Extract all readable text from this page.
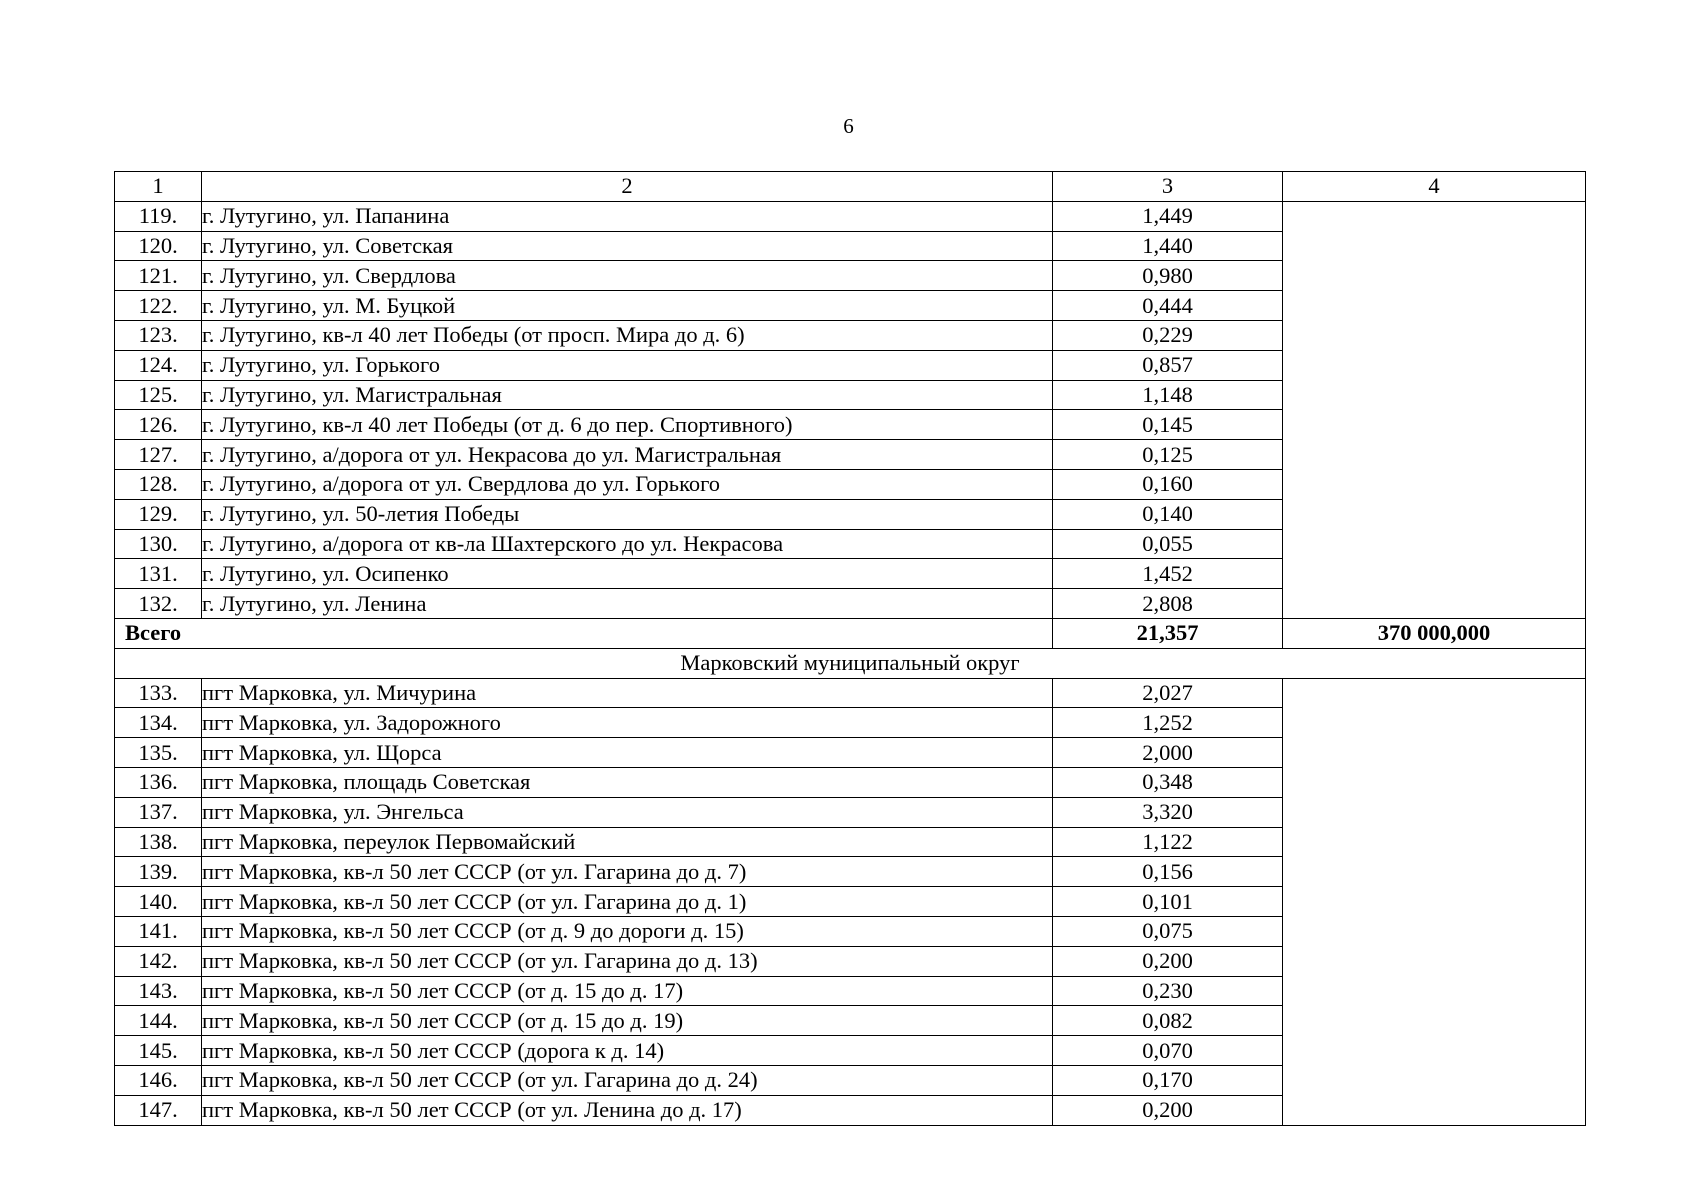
6
1	2	3	4
119.	г. Лутугино, ул. Папанина	1,449	
120.	г. Лутугино, ул. Советская	1,440	
121.	г. Лутугино, ул. Свердлова	0,980	
122.	г. Лутугино, ул. М. Буцкой	0,444	
123.	г. Лутугино, кв-л 40 лет Победы (от просп. Мира до д. 6)	0,229	
124.	г. Лутугино, ул. Горького	0,857	
125.	г. Лутугино, ул. Магистральная	1,148	
126.	г. Лутугино, кв-л 40 лет Победы (от д. 6 до пер. Спортивного)	0,145	
127.	г. Лутугино, а/дорога от ул. Некрасова до ул. Магистральная	0,125	
128.	г. Лутугино, а/дорога от ул. Свердлова до ул. Горького	0,160	
129.	г. Лутугино, ул. 50-летия Победы	0,140	
130.	г. Лутугино, а/дорога от кв-ла Шахтерского до ул. Некрасова	0,055	
131.	г. Лутугино, ул. Осипенко	1,452	
132.	г. Лутугино, ул. Ленина	2,808	
Всего		21,357	370 000,000
Марковский муниципальный округ			
133.	пгт Марковка, ул. Мичурина	2,027	
134.	пгт Марковка, ул. Задорожного	1,252	
135.	пгт Марковка, ул. Щорса	2,000	
136.	пгт Марковка, площадь Советская	0,348	
137.	пгт Марковка, ул. Энгельса	3,320	
138.	пгт Марковка, переулок Первомайский	1,122	
139.	пгт Марковка, кв-л 50 лет СССР (от ул. Гагарина до д. 7)	0,156	
140.	пгт Марковка, кв-л 50 лет СССР (от ул. Гагарина до д. 1)	0,101	
141.	пгт Марковка, кв-л 50 лет СССР (от д. 9 до дороги д. 15)	0,075	
142.	пгт Марковка, кв-л 50 лет СССР (от ул. Гагарина до д. 13)	0,200	
143.	пгт Марковка, кв-л 50 лет СССР (от д. 15 до д. 17)	0,230	
144.	пгт Марковка, кв-л 50 лет СССР (от д. 15 до д. 19)	0,082	
145.	пгт Марковка, кв-л 50 лет СССР (дорога к д. 14)	0,070	
146.	пгт Марковка, кв-л 50 лет СССР (от ул. Гагарина до д. 24)	0,170	
147.	пгт Марковка, кв-л 50 лет СССР (от ул. Ленина до д. 17)	0,200	
